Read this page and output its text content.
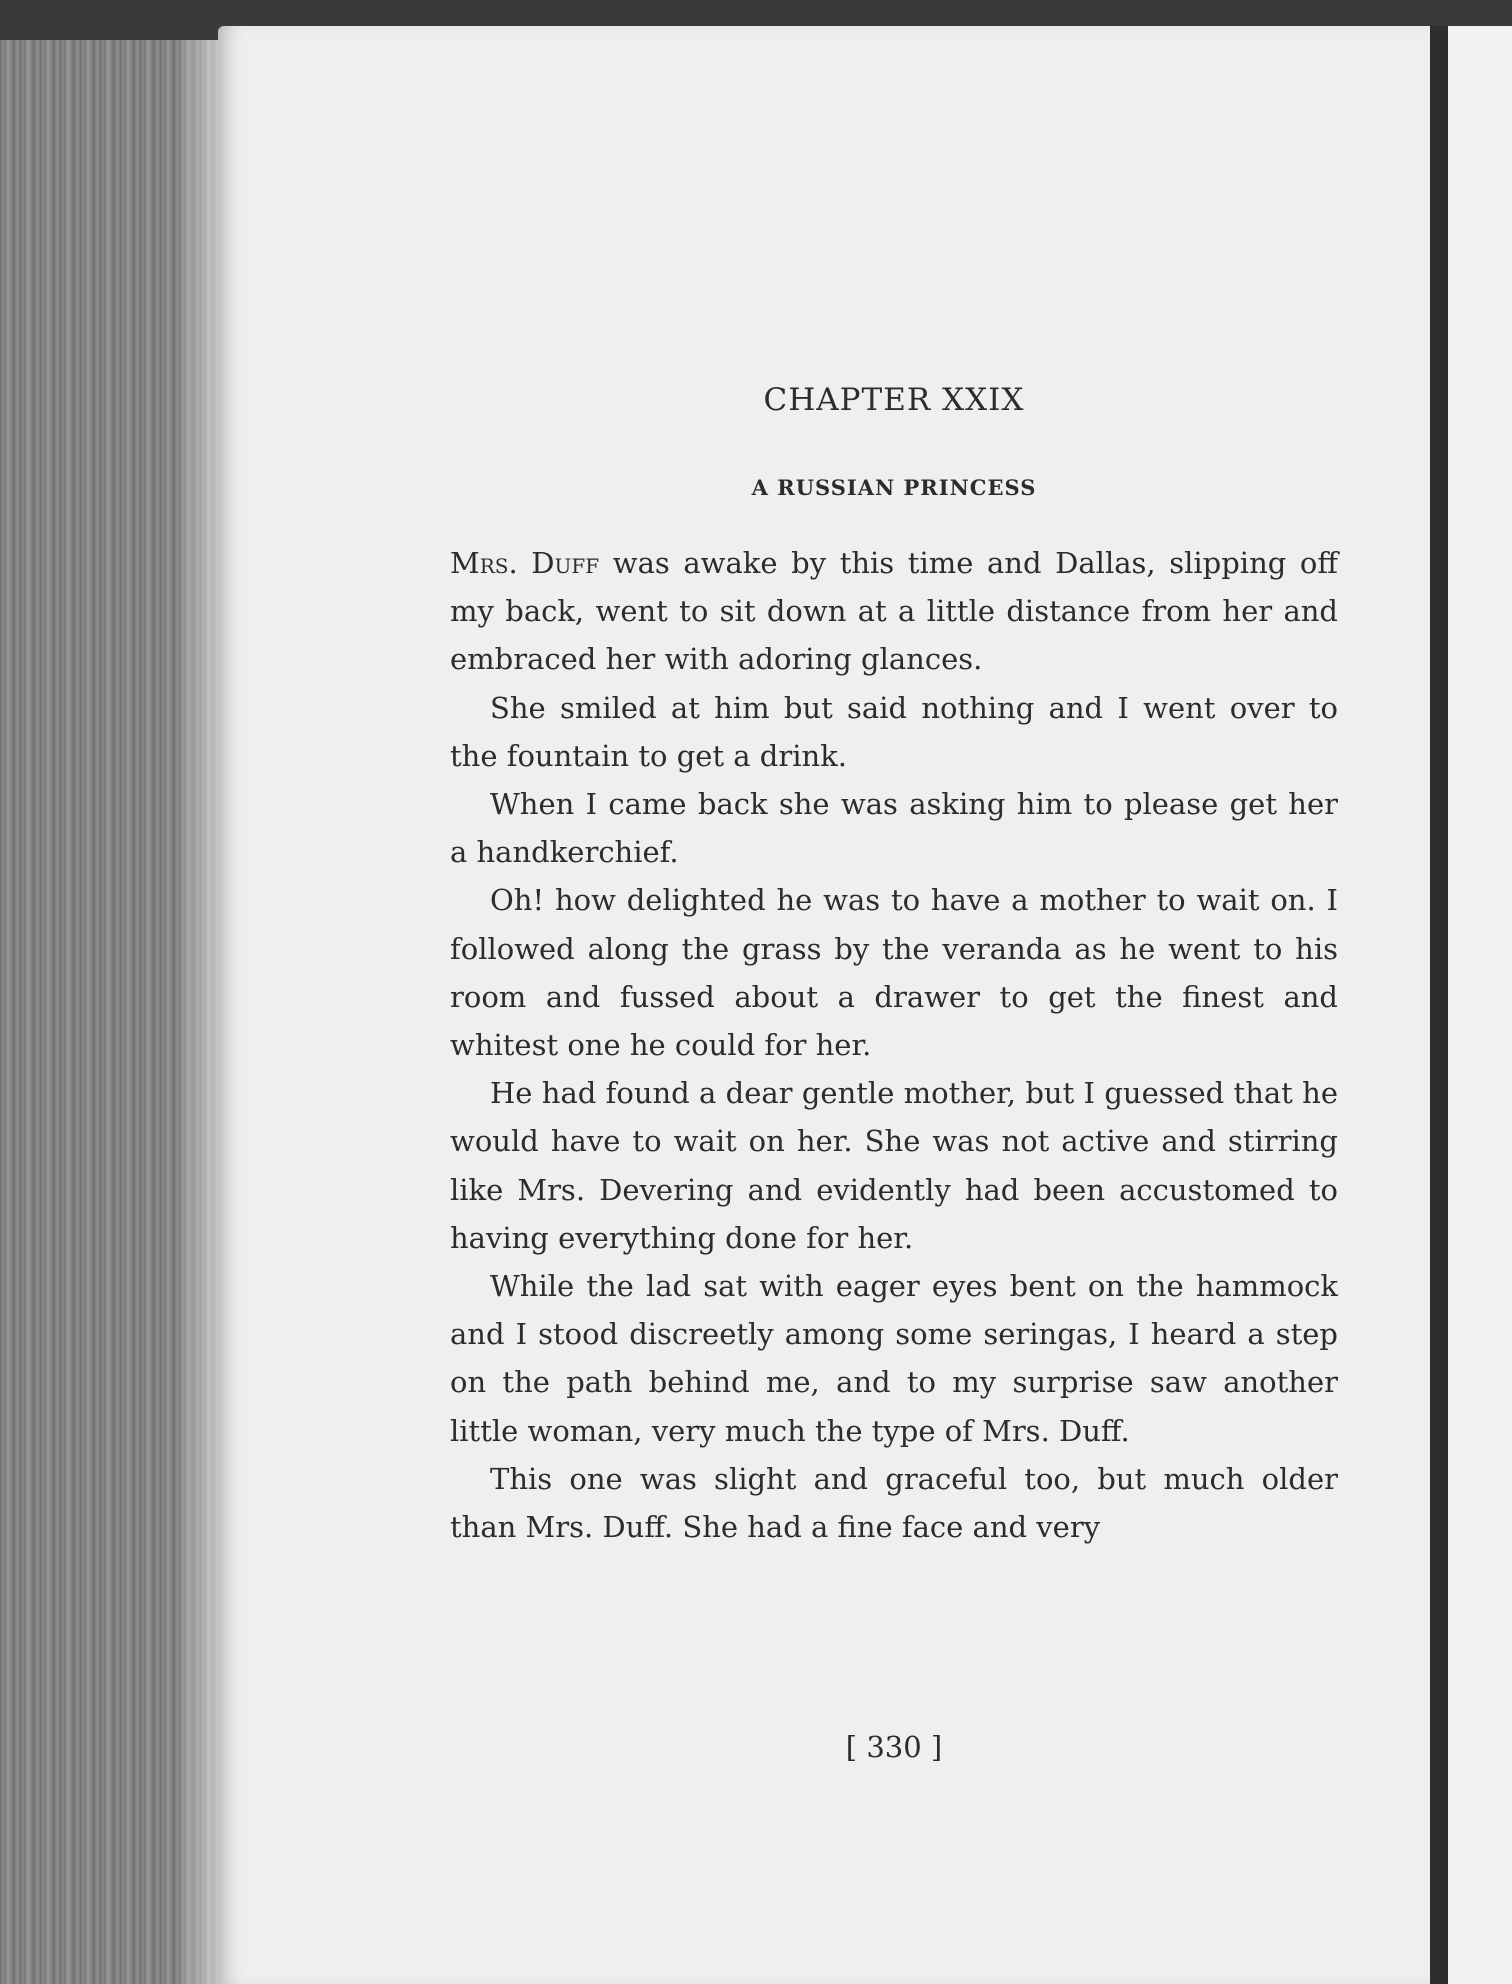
CHAPTER XXIX
A RUSSIAN PRINCESS

Mrs. Duff was awake by this time and Dallas, slipping off my back, went to sit down at a little distance from her and embraced her with adoring glances.

She smiled at him but said nothing and I went over to the fountain to get a drink.

When I came back she was asking him to please get her a handkerchief.

Oh! how delighted he was to have a mother to wait on. I followed along the grass by the veranda as he went to his room and fussed about a drawer to get the finest and whitest one he could for her.

He had found a dear gentle mother, but I guessed that he would have to wait on her. She was not active and stirring like Mrs. Devering and evidently had been accustomed to having everything done for her.

While the lad sat with eager eyes bent on the hammock and I stood discreetly among some seringas, I heard a step on the path behind me, and to my surprise saw another little woman, very much the type of Mrs. Duff.

This one was slight and graceful too, but much older than Mrs. Duff. She had a fine face and very

[ 330 ]
